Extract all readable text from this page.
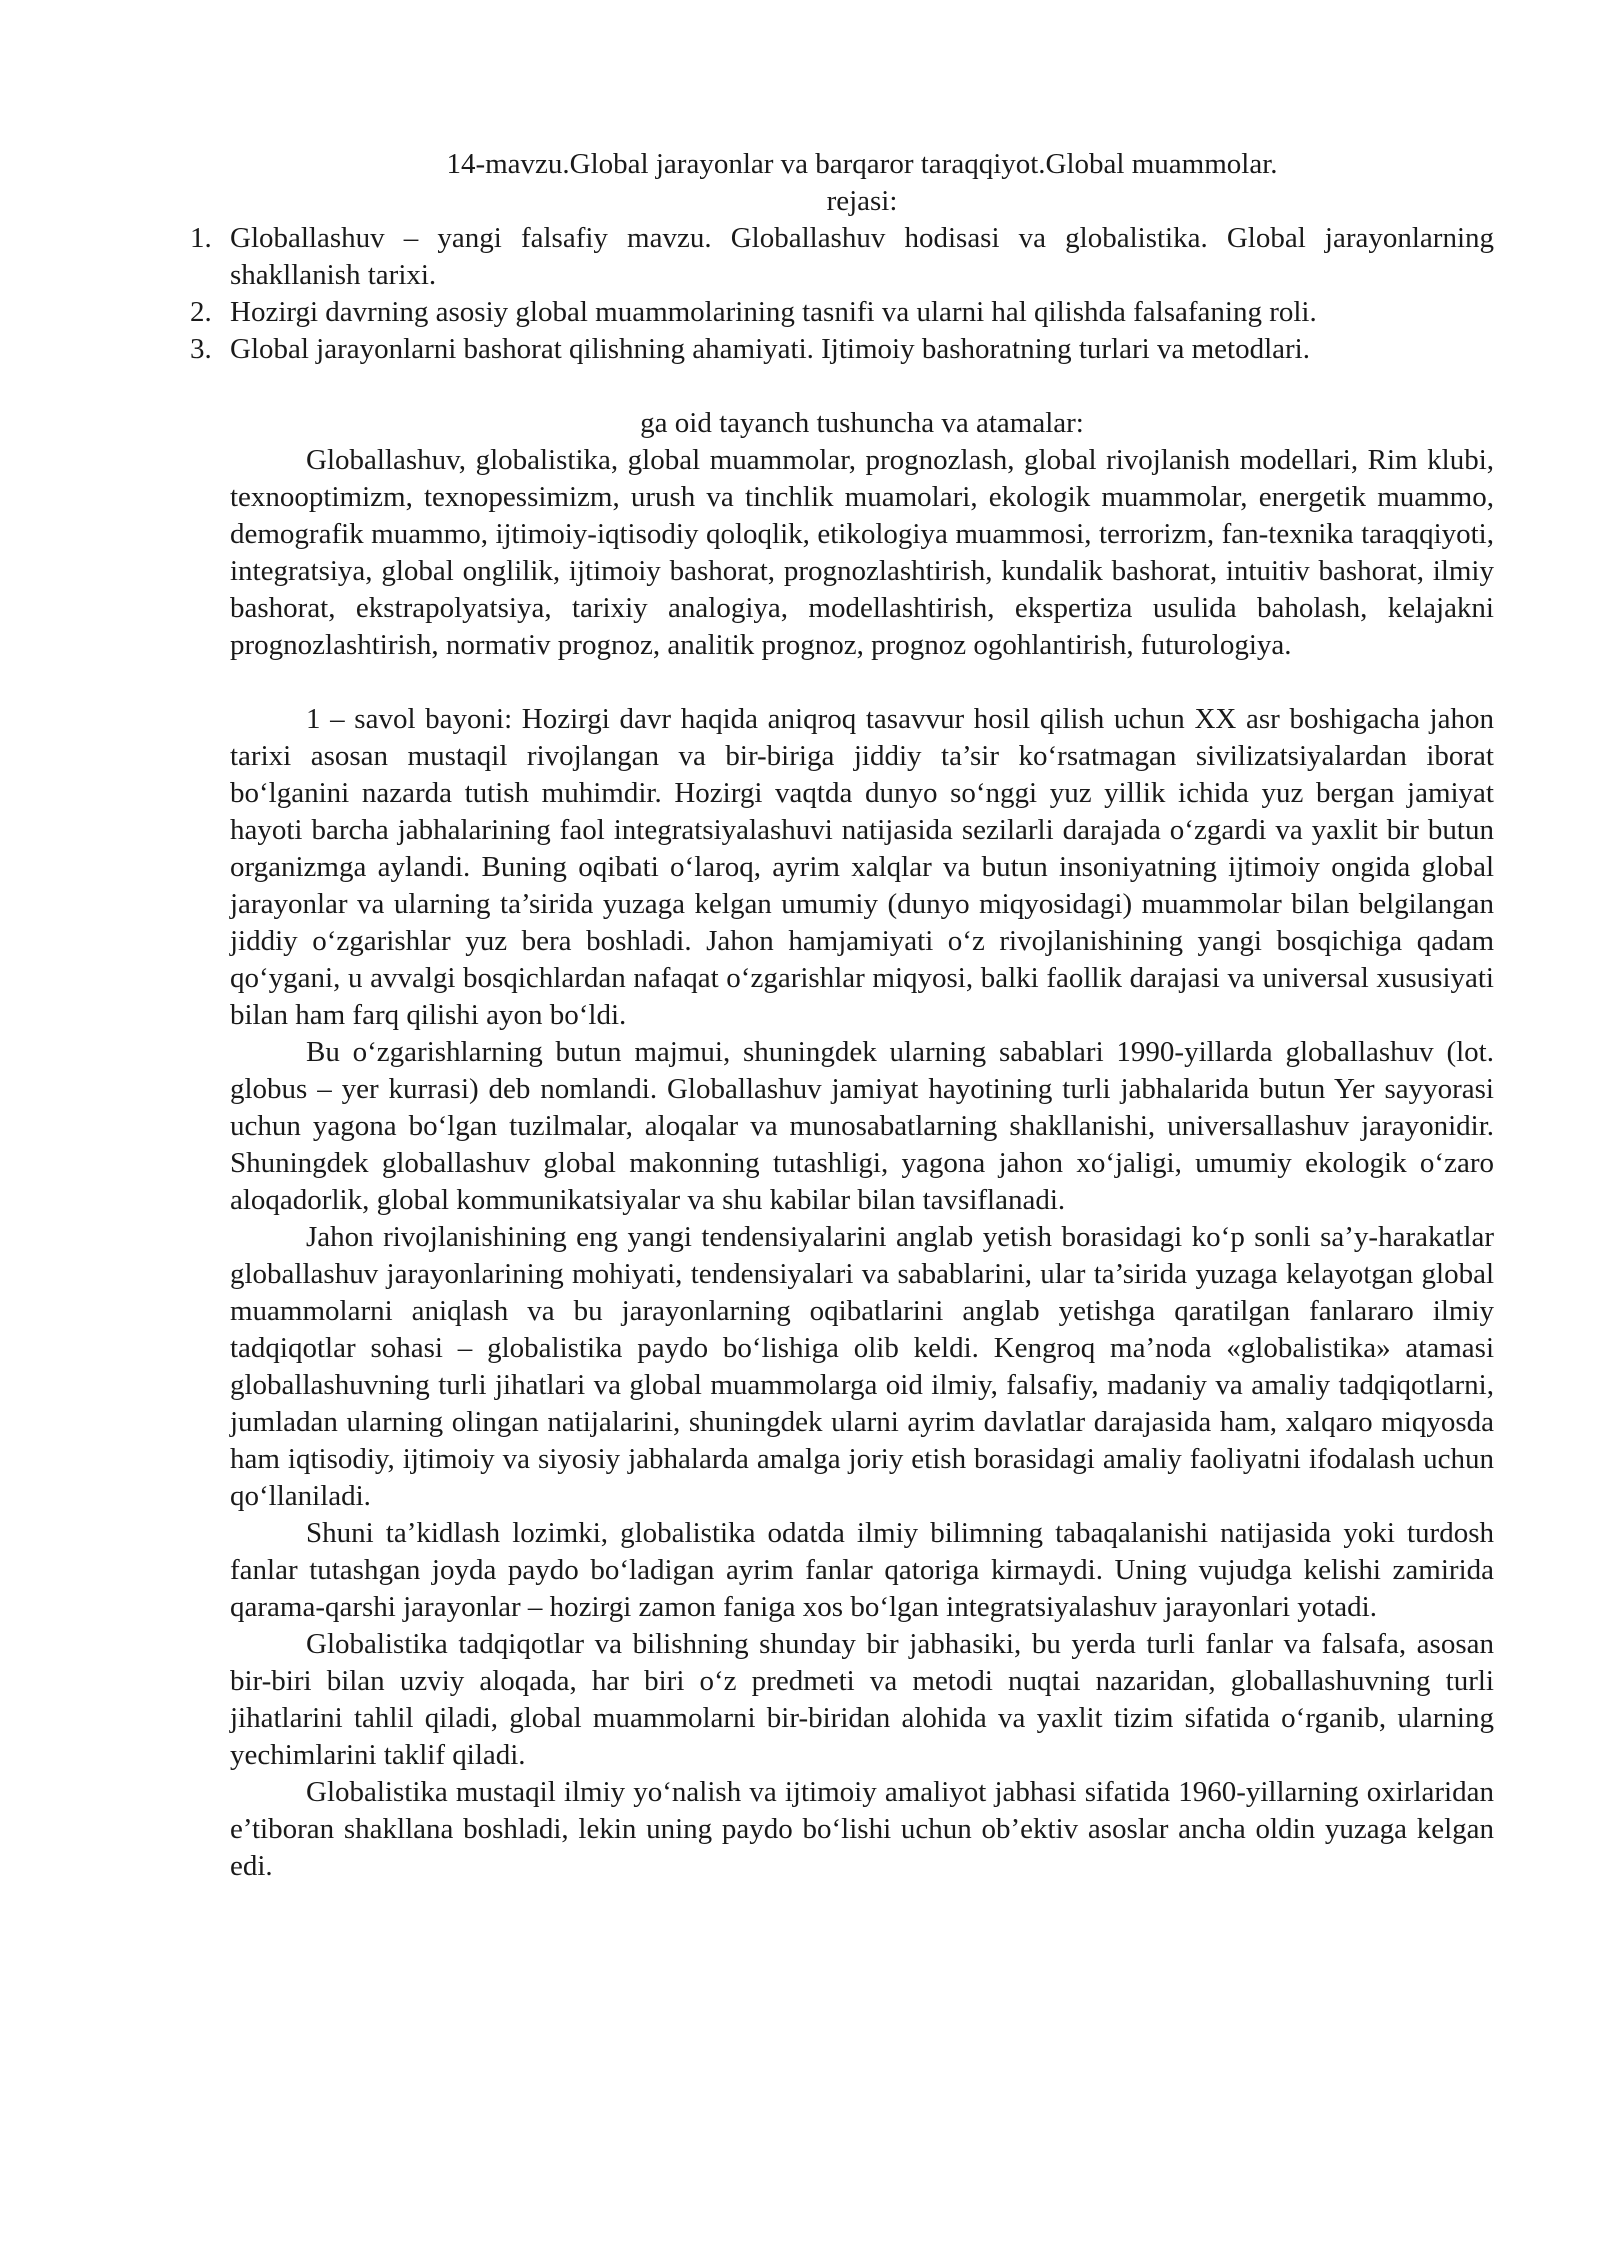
14-mavzu.Global jarayonlar va barqaror taraqqiyot.Global muammolar.
rejasi:
1. Globallashuv – yangi falsafiy mavzu. Globallashuv hodisasi va globalistika. Global jarayonlarning shakllanish tarixi.
2. Hozirgi davrning asosiy global muammolarining tasnifi va ularni hal qilishda falsafaning roli.
3. Global jarayonlarni bashorat qilishning ahamiyati. Ijtimoiy bashoratning turlari va metodlari.
ga oid tayanch tushuncha va atamalar:

Globallashuv, globalistika, global muammolar, prognozlash, global rivojlanish modellari, Rim klubi, texnooptimizm, texnopessimizm, urush va tinchlik muamolari, ekologik muammolar, energetik muammo, demografik muammo, ijtimoiy-iqtisodiy qoloqlik, etikologiya muammosi, terrorizm, fan-texnika taraqqiyoti, integratsiya, global onglilik, ijtimoiy bashorat, prognozlashtirish, kundalik bashorat, intuitiv bashorat, ilmiy bashorat, ekstrapolyatsiya, tarixiy analogiya, modellashtirish, ekspertiza usulida baholash, kelajakni prognozlashtirish, normativ prognoz, analitik prognoz, prognoz ogohlantirish, futurologiya.

1 – savol bayoni: Hozirgi davr haqida aniqroq tasavvur hosil qilish uchun XX asr boshigacha jahon tarixi asosan mustaqil rivojlangan va bir-biriga jiddiy ta’sir ko‘rsatmagan sivilizatsiyalardan iborat bo‘lganini nazarda tutish muhimdir. Hozirgi vaqtda dunyo so‘nggi yuz yillik ichida yuz bergan jamiyat hayoti barcha jabhalarining faol integratsiyalashuvi natijasida sezilarli darajada o‘zgardi va yaxlit bir butun organizmga aylandi. Buning oqibati o‘laroq, ayrim xalqlar va butun insoniyatning ijtimoiy ongida global jarayonlar va ularning ta’sirida yuzaga kelgan umumiy (dunyo miqyosidagi) muammolar bilan belgilangan jiddiy o‘zgarishlar yuz bera boshladi. Jahon hamjamiyati o‘z rivojlanishining yangi bosqichiga qadam qo‘ygani, u avvalgi bosqichlardan nafaqat o‘zgarishlar miqyosi, balki faollik darajasi va universal xususiyati bilan ham farq qilishi ayon bo‘ldi.

Bu o‘zgarishlarning butun majmui, shuningdek ularning sabablari 1990-yillarda globallashuv (lot. globus – yer kurrasi) deb nomlandi. Globallashuv jamiyat hayotining turli jabhalarida butun Yer sayyorasi uchun yagona bo‘lgan tuzilmalar, aloqalar va munosabatlarning shakllanishi, universallashuv jarayonidir. Shuningdek globallashuv global makonning tutashligi, yagona jahon xo‘jaligi, umumiy ekologik o‘zaro aloqadorlik, global kommunikatsiyalar va shu kabilar bilan tavsiflanadi.

Jahon rivojlanishining eng yangi tendensiyalarini anglab yetish borasidagi ko‘p sonli sa’y-harakatlar globallashuv jarayonlarining mohiyati, tendensiyalari va sabablarini, ular ta’sirida yuzaga kelayotgan global muammolarni aniqlash va bu jarayonlarning oqibatlarini anglab yetishga qaratilgan fanlararo ilmiy tadqiqotlar sohasi – globalistika paydo bo‘lishiga olib keldi. Kengroq ma’noda «globalistika» atamasi globallashuvning turli jihatlari va global muammolarga oid ilmiy, falsafiy, madaniy va amaliy tadqiqotlarni, jumladan ularning olingan natijalarini, shuningdek ularni ayrim davlatlar darajasida ham, xalqaro miqyosda ham iqtisodiy, ijtimoiy va siyosiy jabhalarda amalga joriy etish borasidagi amaliy faoliyatni ifodalash uchun qo‘llaniladi.

Shuni ta’kidlash lozimki, globalistika odatda ilmiy bilimning tabaqalanishi natijasida yoki turdosh fanlar tutashgan joyda paydo bo‘ladigan ayrim fanlar qatoriga kirmaydi. Uning vujudga kelishi zamirida qarama-qarshi jarayonlar – hozirgi zamon faniga xos bo‘lgan integratsiyalashuv jarayonlari yotadi.

Globalistika tadqiqotlar va bilishning shunday bir jabhasiki, bu yerda turli fanlar va falsafa, asosan bir-biri bilan uzviy aloqada, har biri o‘z predmeti va metodi nuqtai nazaridan, globallashuvning turli jihatlarini tahlil qiladi, global muammolarni bir-biridan alohida va yaxlit tizim sifatida o‘rganib, ularning yechimlarini taklif qiladi.

Globalistika mustaqil ilmiy yo‘nalish va ijtimoiy amaliyot jabhasi sifatida 1960-yillarning oxirlaridan e’tiboran shakllana boshladi, lekin uning paydo bo‘lishi uchun ob’ektiv asoslar ancha oldin yuzaga kelgan edi.
